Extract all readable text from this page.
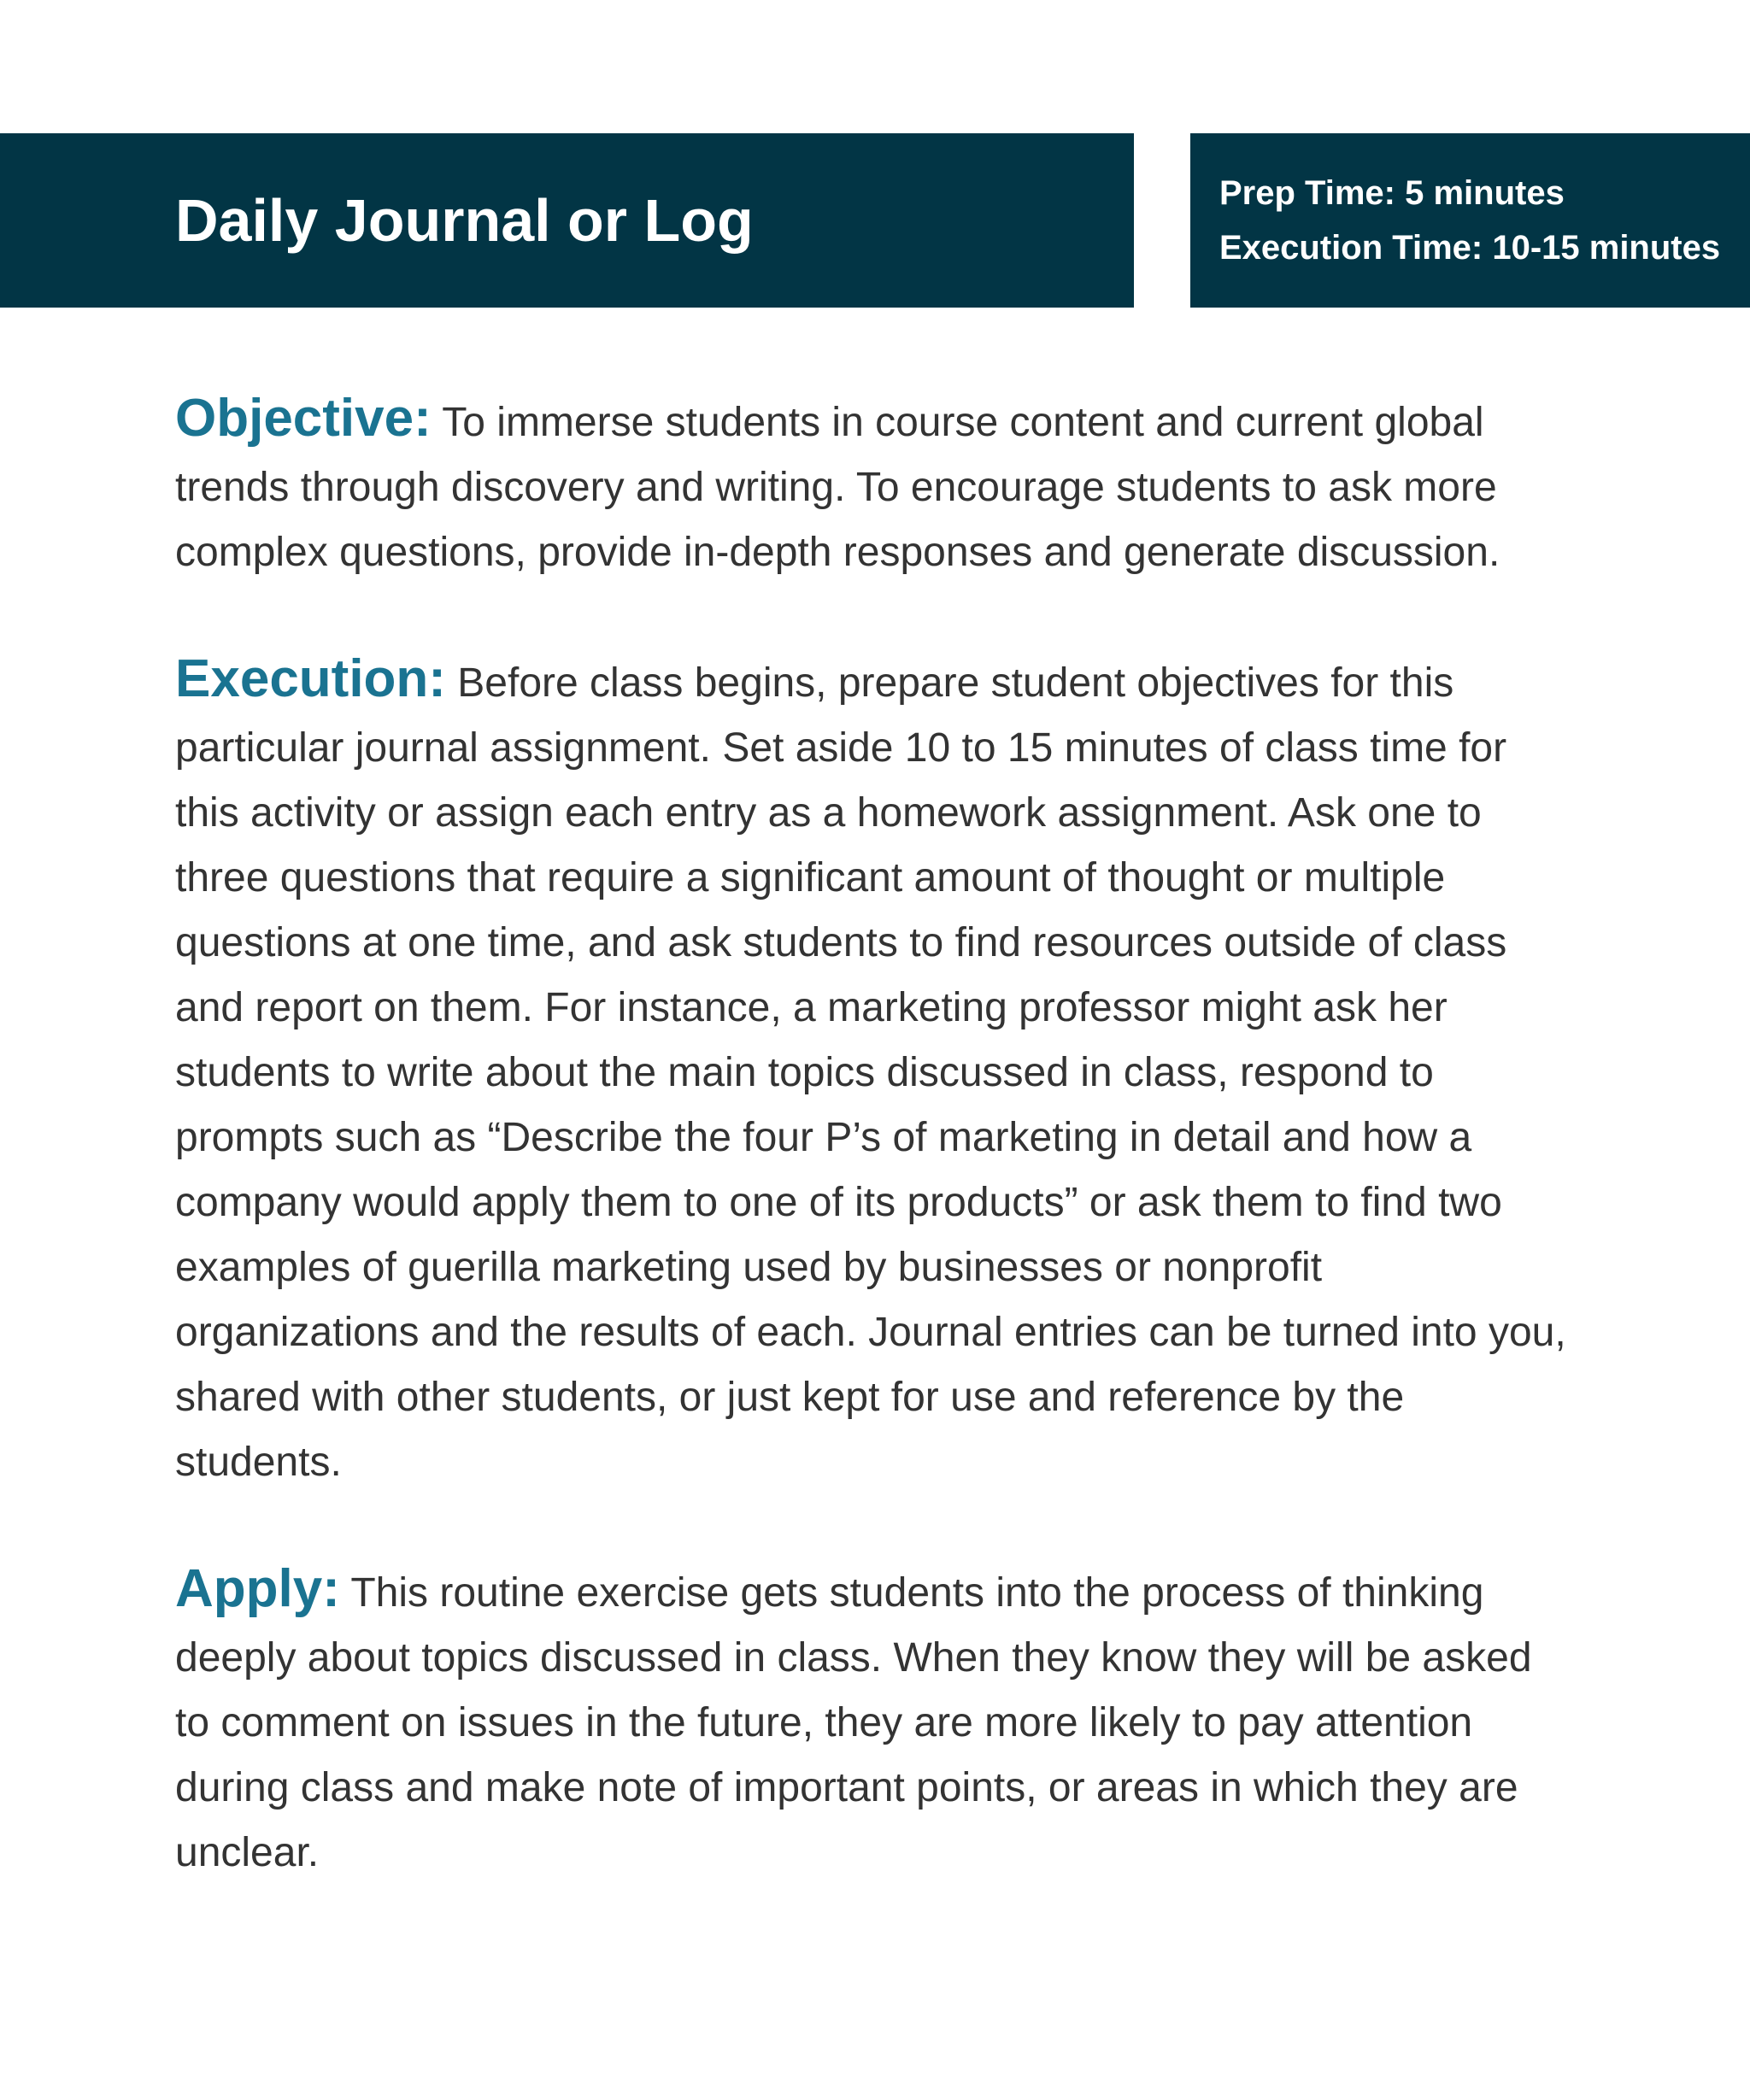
Daily Journal or Log	Prep Time: 5 minutes
Execution Time: 10-15 minutes

Objective: To immerse students in course content and current global trends through discovery and writing. To encourage students to ask more complex questions, provide in-depth responses and generate discussion.

Execution: Before class begins, prepare student objectives for this particular journal assignment. Set aside 10 to 15 minutes of class time for this activity or assign each entry as a homework assignment. Ask one to three questions that require a significant amount of thought or multiple questions at one time, and ask students to find resources outside of class and report on them. For instance, a marketing professor might ask her students to write about the main topics discussed in class, respond to prompts such as “Describe the four P’s of marketing in detail and how a company would apply them to one of its products” or ask them to find two examples of guerilla marketing used by businesses or nonprofit organizations and the results of each. Journal entries can be turned into you, shared with other students, or just kept for use and reference by the students.

Apply: This routine exercise gets students into the process of thinking deeply about topics discussed in class. When they know they will be asked to comment on issues in the future, they are more likely to pay attention during class and make note of important points, or areas in which they are unclear.
